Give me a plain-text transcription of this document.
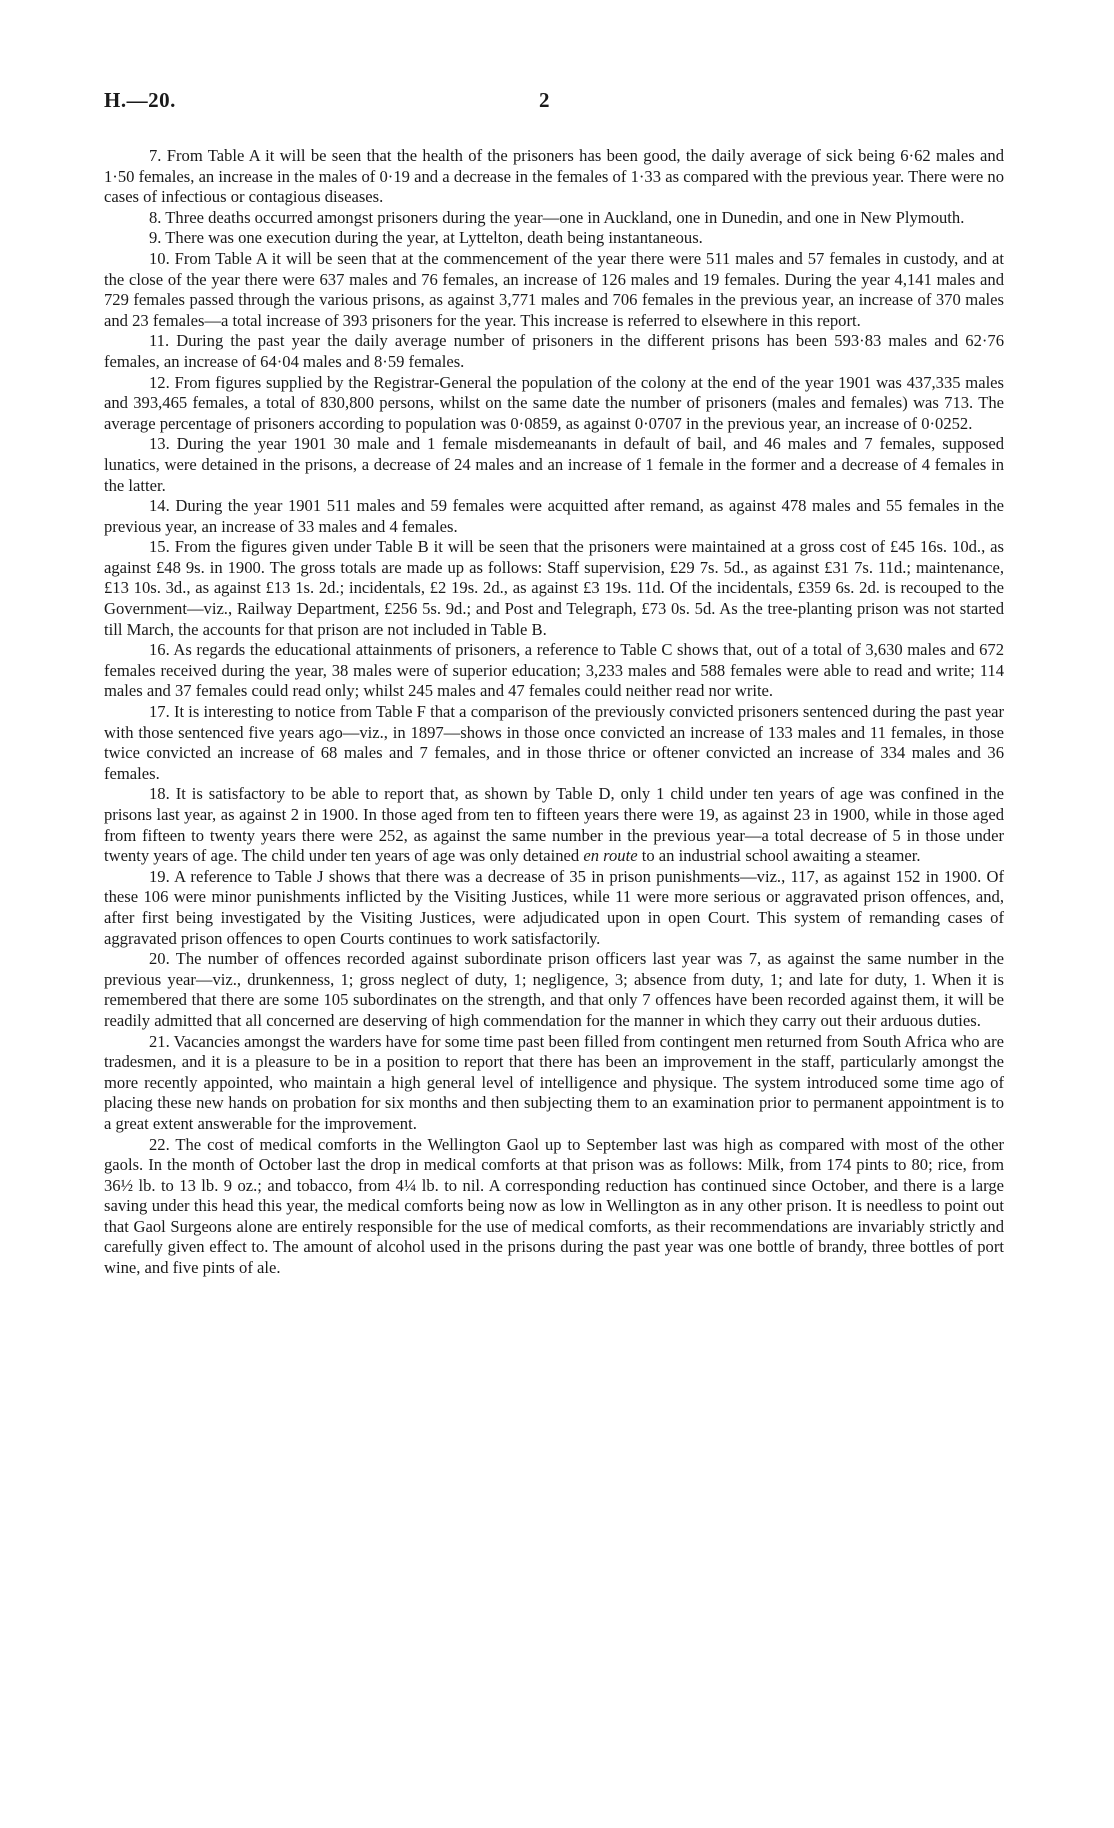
H.—20.	2

7. From Table A it will be seen that the health of the prisoners has been good, the daily average of sick being 6·62 males and 1·50 females, an increase in the males of 0·19 and a decrease in the females of 1·33 as compared with the previous year. There were no cases of infectious or contagious diseases.

8. Three deaths occurred amongst prisoners during the year—one in Auckland, one in Dunedin, and one in New Plymouth.

9. There was one execution during the year, at Lyttelton, death being instantaneous.

10. From Table A it will be seen that at the commencement of the year there were 511 males and 57 females in custody, and at the close of the year there were 637 males and 76 females, an increase of 126 males and 19 females. During the year 4,141 males and 729 females passed through the various prisons, as against 3,771 males and 706 females in the previous year, an increase of 370 males and 23 females—a total increase of 393 prisoners for the year. This increase is referred to elsewhere in this report.

11. During the past year the daily average number of prisoners in the different prisons has been 593·83 males and 62·76 females, an increase of 64·04 males and 8·59 females.

12. From figures supplied by the Registrar-General the population of the colony at the end of the year 1901 was 437,335 males and 393,465 females, a total of 830,800 persons, whilst on the same date the number of prisoners (males and females) was 713. The average percentage of prisoners according to population was 0·0859, as against 0·0707 in the previous year, an increase of 0·0252.

13. During the year 1901 30 male and 1 female misdemeanants in default of bail, and 46 males and 7 females, supposed lunatics, were detained in the prisons, a decrease of 24 males and an increase of 1 female in the former and a decrease of 4 females in the latter.

14. During the year 1901 511 males and 59 females were acquitted after remand, as against 478 males and 55 females in the previous year, an increase of 33 males and 4 females.

15. From the figures given under Table B it will be seen that the prisoners were maintained at a gross cost of £45 16s. 10d., as against £48 9s. in 1900. The gross totals are made up as follows: Staff supervision, £29 7s. 5d., as against £31 7s. 11d.; maintenance, £13 10s. 3d., as against £13 1s. 2d.; incidentals, £2 19s. 2d., as against £3 19s. 11d. Of the incidentals, £359 6s. 2d. is recouped to the Government—viz., Railway Department, £256 5s. 9d.; and Post and Telegraph, £73 0s. 5d. As the tree-planting prison was not started till March, the accounts for that prison are not included in Table B.

16. As regards the educational attainments of prisoners, a reference to Table C shows that, out of a total of 3,630 males and 672 females received during the year, 38 males were of superior education; 3,233 males and 588 females were able to read and write; 114 males and 37 females could read only; whilst 245 males and 47 females could neither read nor write.

17. It is interesting to notice from Table F that a comparison of the previously convicted prisoners sentenced during the past year with those sentenced five years ago—viz., in 1897—shows in those once convicted an increase of 133 males and 11 females, in those twice convicted an increase of 68 males and 7 females, and in those thrice or oftener convicted an increase of 334 males and 36 females.

18. It is satisfactory to be able to report that, as shown by Table D, only 1 child under ten years of age was confined in the prisons last year, as against 2 in 1900. In those aged from ten to fifteen years there were 19, as against 23 in 1900, while in those aged from fifteen to twenty years there were 252, as against the same number in the previous year—a total decrease of 5 in those under twenty years of age. The child under ten years of age was only detained en route to an industrial school awaiting a steamer.

19. A reference to Table J shows that there was a decrease of 35 in prison punishments—viz., 117, as against 152 in 1900. Of these 106 were minor punishments inflicted by the Visiting Justices, while 11 were more serious or aggravated prison offences, and, after first being investigated by the Visiting Justices, were adjudicated upon in open Court. This system of remanding cases of aggravated prison offences to open Courts continues to work satisfactorily.

20. The number of offences recorded against subordinate prison officers last year was 7, as against the same number in the previous year—viz., drunkenness, 1; gross neglect of duty, 1; negligence, 3; absence from duty, 1; and late for duty, 1. When it is remembered that there are some 105 subordinates on the strength, and that only 7 offences have been recorded against them, it will be readily admitted that all concerned are deserving of high commendation for the manner in which they carry out their arduous duties.

21. Vacancies amongst the warders have for some time past been filled from contingent men returned from South Africa who are tradesmen, and it is a pleasure to be in a position to report that there has been an improvement in the staff, particularly amongst the more recently appointed, who maintain a high general level of intelligence and physique. The system introduced some time ago of placing these new hands on probation for six months and then subjecting them to an examination prior to permanent appointment is to a great extent answerable for the improvement.

22. The cost of medical comforts in the Wellington Gaol up to September last was high as compared with most of the other gaols. In the month of October last the drop in medical comforts at that prison was as follows: Milk, from 174 pints to 80; rice, from 36½ lb. to 13 lb. 9 oz.; and tobacco, from 4¼ lb. to nil. A corresponding reduction has continued since October, and there is a large saving under this head this year, the medical comforts being now as low in Wellington as in any other prison. It is needless to point out that Gaol Surgeons alone are entirely responsible for the use of medical comforts, as their recommendations are invariably strictly and carefully given effect to. The amount of alcohol used in the prisons during the past year was one bottle of brandy, three bottles of port wine, and five pints of ale.
